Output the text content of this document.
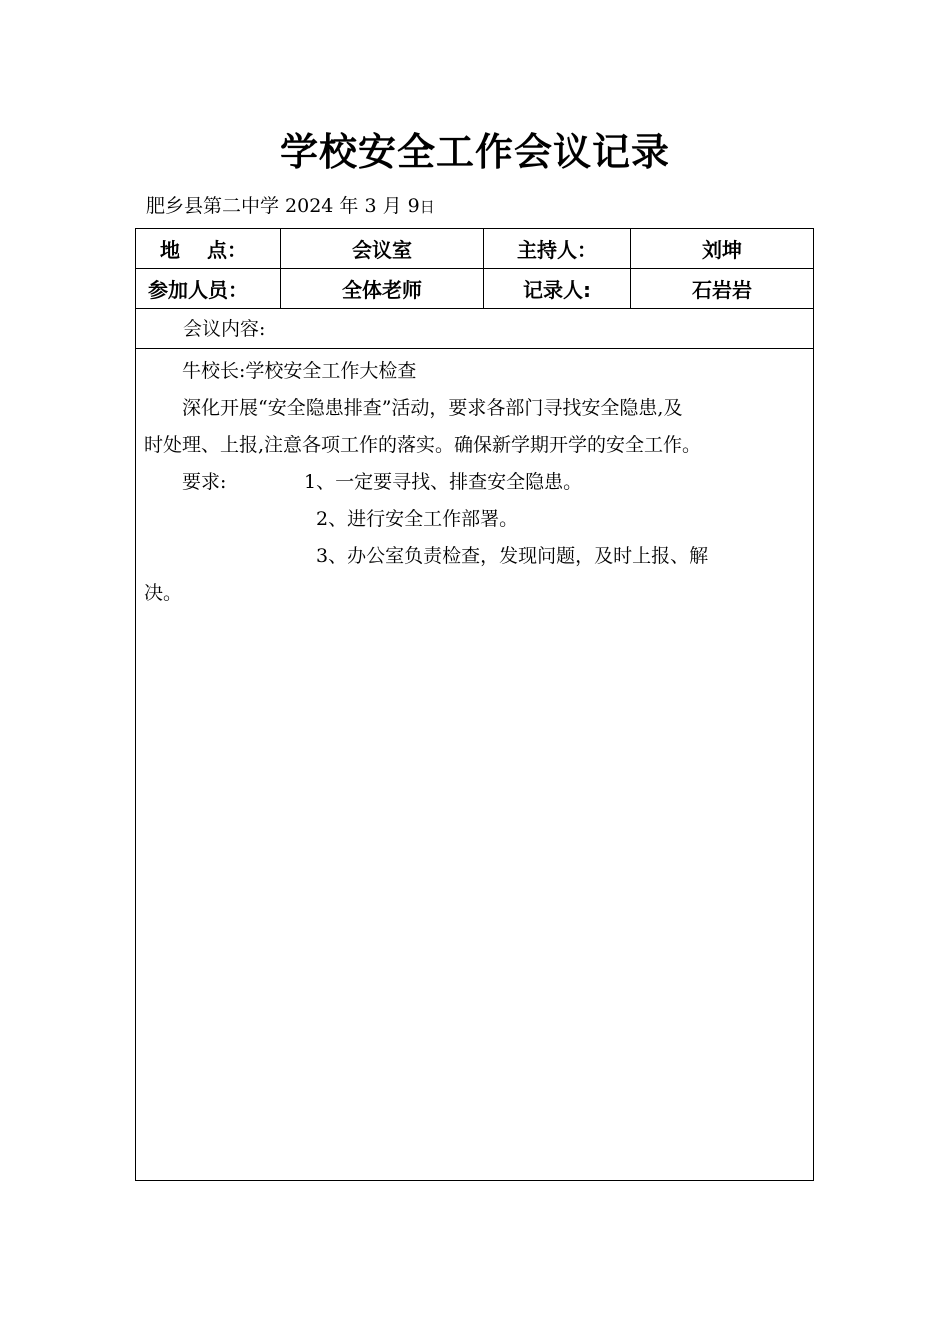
学校安全工作会议记录
肥乡县第二中学 2024 年 3 月 9日
地　 点：	会议室	主持人：	刘坤
参加人员：	全体老师	记录人:	石岩岩
会议内容:
牛校长:学校安全工作大检查
深化开展“安全隐患排查”活动，要求各部门寻找安全隐患,及
时处理、上报,注意各项工作的落实。确保新学期开学的安全工作。
要求:	1、一定要寻找、排查安全隐患。
2、进行安全工作部署。
3、办公室负责检查，发现问题，及时上报、解
决。
